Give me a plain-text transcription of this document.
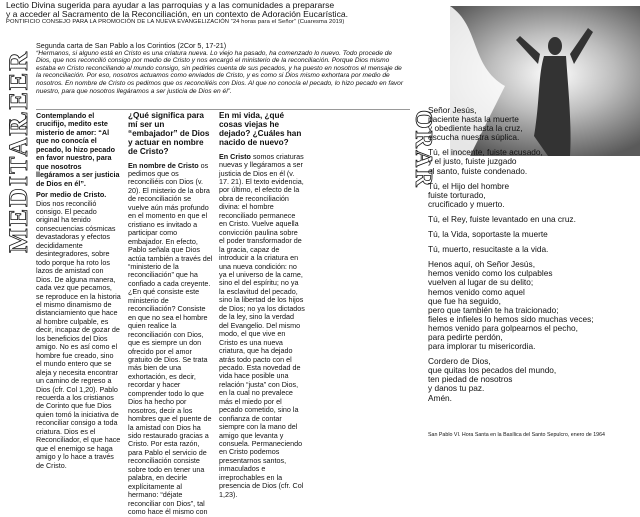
Lectio Divina sugerida para ayudar a las parroquias y a las comunidades a prepararse
y a acceder al Sacramento de la Reconciliación, en un contexto de Adoración Eucarística.
PONTIFICIO CONSEJO PARA LA PROMOCIÓN DE LA NUEVA EVANGELIZACIÓN “24 horas para el Señor” (Cuaresma 2019)
LEER
MEDITAR	ORAR
Segunda carta de San Pablo a los Corintios (2Cor 5, 17-21)
“Hermanos, si alguno está en Cristo es una criatura nueva. Lo viejo ha pasado, ha comenzado lo nuevo. Todo procede de Dios, que nos reconcilió consigo por medio de Cristo y nos encargó el ministerio de la reconciliación. Porque Dios mismo estaba en Cristo reconciliando al mundo consigo, sin pedirles cuenta de sus pecados, y ha puesto en nosotros el mensaje de la reconciliación. Por eso, nosotros actuamos como enviados de Cristo, y es como si Dios mismo exhortara por medio de nosotros. En nombre de Cristo os pedimos que os reconciliéis con Dios. Al que no conocía el pecado, lo hizo pecado en favor nuestro, para que nosotros llegáramos a ser justicia de Dios en él”.

Contemplando el crucifijo, medito este misterio de amor: “Al que no conocía el pecado, lo hizo pecado en favor nuestro, para que nosotros llegáramos a ser justicia de Dios en él”.

Por medio de Cristo. Dios nos reconcilió consigo. El pecado original ha tenido consecuencias cósmicas devastadoras y efectos decididamente desintegradores, sobre todo porque ha roto los lazos de amistad con Dios. De alguna manera, cada vez que pecamos, se reproduce en la historia el mismo dinamismo de distanciamiento que hace al hombre culpable, es decir, incapaz de gozar de los beneficios del Dios amigo. No es así como el hombre fue creado, sino el mundo entero que se aleja y necesita encontrar un camino de regreso a Dios (cfr. Col 1,20). Pablo recuerda a los cristianos de Corinto que fue Dios quien tomó la iniciativa de reconciliar consigo a toda criatura. Dios es el Reconciliador, el que hace que el enemigo se haga amigo y lo hace a través de Cristo.

¿Qué significa para mí ser un “embajador” de Dios y actuar en nombre de Cristo?

En nombre de Cristo os pedimos que os reconciliéis con Dios (v. 20). El misterio de la obra de reconciliación se vuelve aún más profundo en el momento en que el cristiano es invitado a participar como embajador. En efecto, Pablo señala que Dios actúa también a través del “ministerio de la reconciliación” que ha confiado a cada creyente. ¿En qué consiste este ministerio de reconciliación? Consiste en que no sea el hombre quien realice la reconciliación con Dios, que es siempre un don ofrecido por el amor gratuito de Dios. Se trata más bien de una exhortación, es decir, recordar y hacer comprender todo lo que Dios ha hecho por nosotros, decir a los hombres que el puente de la amistad con Dios ha sido restaurado gracias a Cristo. Por esta razón, para Pablo el servicio de reconciliación consiste sobre todo en tener una palabra, en decirle explícitamente al hermano: “déjate reconciliar con Dios”, tal como hace él mismo con

En mi vida, ¿qué cosas viejas he dejado? ¿Cuáles han nacido de nuevo?

En Cristo somos criaturas nuevas y llegáramos a ser justicia de Dios en él (v. 17. 21). El texto evidencia, por último, el efecto de la obra de reconciliación divina: el hombre reconciliado permanece en Cristo. Vuelve aquella convicción paulina sobre el poder transformador de la gracia, capaz de introducir a la criatura en una nueva condición: no ya el universo de la carne, sino el del espíritu; no ya la esclavitud del pecado, sino la libertad de los hijos de Dios; no ya los dictados de la ley, sino la verdad del Evangelio. Del mismo modo, el que vive en Cristo es una nueva criatura, que ha dejado atrás todo pacto con el pecado. Esta novedad de vida hace posible una relación “justa” con Dios, en la cual no prevalece más el miedo por el pecado cometido, sino la confianza de contar siempre con la mano del amigo que levanta y consuela. Permaneciendo en Cristo podemos presentarnos santos, inmaculados e irreprochables en la presencia de Dios (cfr. Col 1,23).

Señor Jesús,
paciente hasta la muerte
y obediente hasta la cruz,
escucha nuestra súplica.

Tú, el inocente, fuiste acusado,
y el justo, fuiste juzgado
el santo, fuiste condenado.

Tú, el Hijo del hombre
fuiste torturado,
crucificado y muerto.

Tú, el Rey, fuiste levantado en una cruz.

Tú, la Vida, soportaste la muerte

Tú, muerto, resucitaste a la vida.

Henos aquí, oh Señor Jesús,
hemos venido como los culpables
vuelven al lugar de su delito;
hemos venido como aquel
que fue ha seguido,
pero que también te ha traicionado;
fieles e infieles lo hemos sido muchas veces;
hemos venido para golpearnos el pecho,
para pedirte perdón,
para implorar tu misericordia.

Cordero de Dios,
que quitas los pecados del mundo,
ten piedad de nosotros
y danos tu paz.
Amén.

San Pablo VI. Hora Santa en la Basílica del Santo Sepulcro, enero de 1964
